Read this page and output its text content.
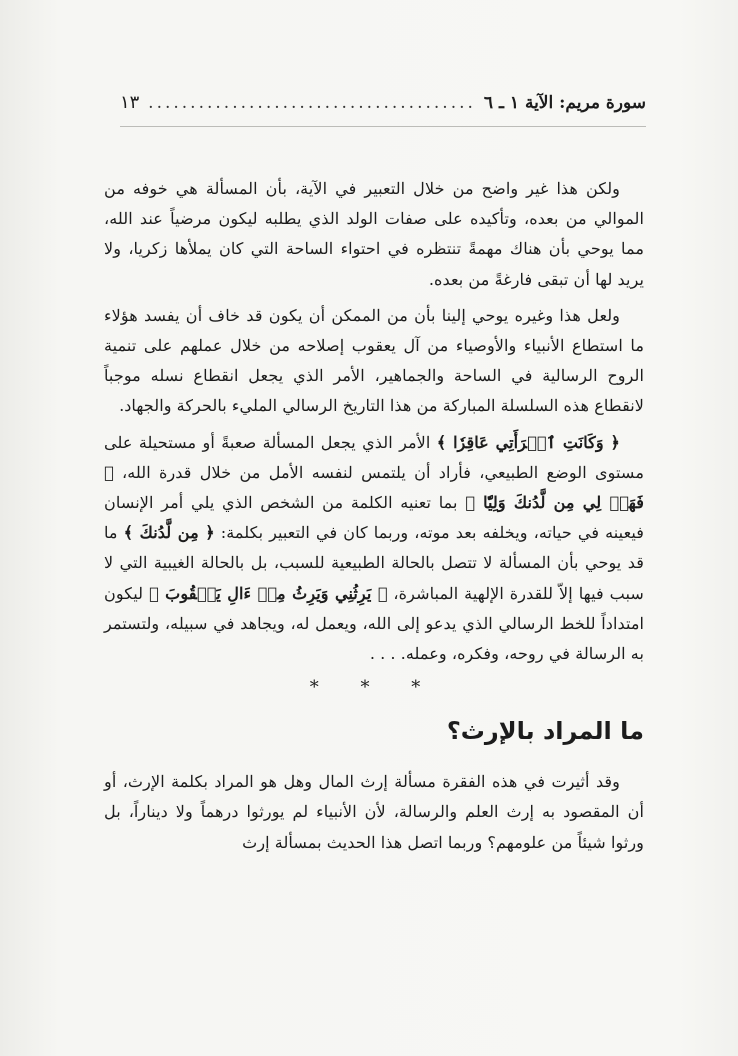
سورة مريم: الآية ١ ـ ٦
.....
١٣

ولكن هذا غير واضح من خلال التعبير في الآية، بأن المسألة هي خوفه من الموالي من بعده، وتأكيده على صفات الولد الذي يطلبه ليكون مرضياً عند الله، مما يوحي بأن هناك مهمةً تنتظره في احتواء الساحة التي كان يملأها زكريا، ولا يريد لها أن تبقى فارغةً من بعده.

ولعل هذا وغيره يوحي إلينا بأن من الممكن أن يكون قد خاف أن يفسد هؤلاء ما استطاع الأنبياء والأوصياء من آل يعقوب إصلاحه من خلال عملهم على تنمية الروح الرسالية في الساحة والجماهير، الأمر الذي يجعل انقطاع نسله موجباً لانقطاع هذه السلسلة المباركة من هذا التاريخ الرسالي المليء بالحركة والجهاد.

﴿ وَكَانَتِ ٱمۡرَأَتِي عَاقِرٗا ﴾ الأمر الذي يجعل المسألة صعبةً أو مستحيلة على مستوى الوضع الطبيعي، فأراد أن يلتمس لنفسه الأمل من خلال قدرة الله، ﴿ فَهَبۡ لِي مِن لَّدُنكَ وَلِيّٗا ﴾ بما تعنيه الكلمة من الشخص الذي يلي أمر الإنسان فيعينه في حياته، ويخلفه بعد موته، وربما كان في التعبير بكلمة: ﴿ مِن لَّدُنكَ ﴾ ما قد يوحي بأن المسألة لا تتصل بالحالة الطبيعية للسبب، بل بالحالة الغيبية التي لا سبب فيها إلاّ للقدرة الإلهية المباشرة، ﴿ يَرِثُنِي وَيَرِثُ مِنۡ ءَالِ يَعۡقُوبَ ﴾ ليكون امتداداً للخط الرسالي الذي يدعو إلى الله، ويعمل له، ويجاهد في سبيله، ولتستمر به الرسالة في روحه، وفكره، وعمله. . . .

* * *
ما المراد بالإرث؟

وقد أثيرت في هذه الفقرة مسألة إرث المال وهل هو المراد بكلمة الإرث، أو أن المقصود به إرث العلم والرسالة، لأن الأنبياء لم يورثوا درهماً ولا ديناراً، بل ورثوا شيئاً من علومهم؟ وربما اتصل هذا الحديث بمسألة إرث
